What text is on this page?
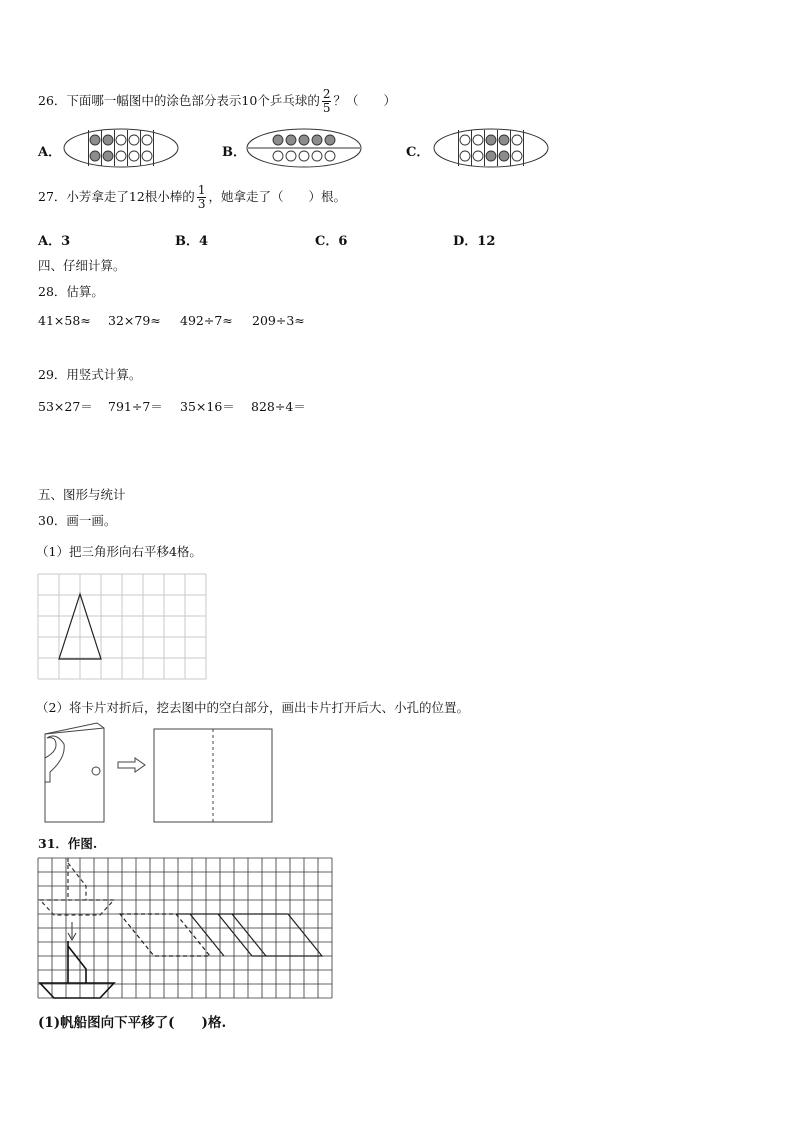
26．下面哪一幅图中的涂色部分表示10个乒乓球的 $\frac{2}{5}$ ？（　　）
A．	B．	C．
27．小芳拿走了12根小棒的 $\frac{1}{3}$ ，她拿走了（　　）根。
A．3	B．4	C．6	D．12
四、仔细计算。
28．估算。
41×58≈ 32×79≈ 492÷7≈ 209÷3≈
29．用竖式计算。
53×27＝ 791÷7＝ 35×16＝ 828÷4＝
五、图形与统计
30．画一画。
（1）把三角形向右平移4格。
（2）将卡片对折后，挖去图中的空白部分，画出卡片打开后大、小孔的位置。
31．作图.
(1)帆船图向下平移了(　　)格.
